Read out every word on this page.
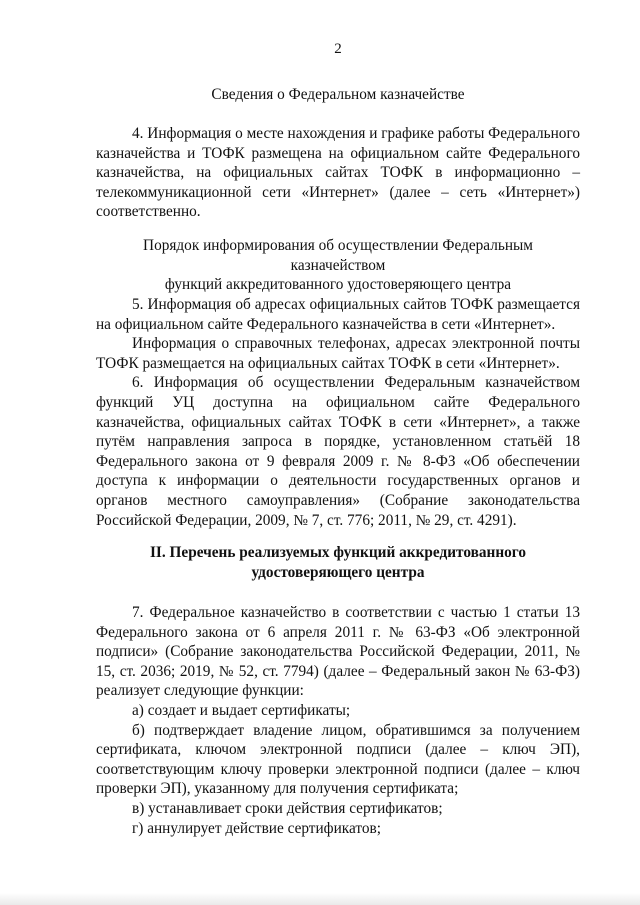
2
Сведения о Федеральном казначействе

4. Информация о месте нахождения и графике работы Федерального казначейства и ТОФК размещена на официальном сайте Федерального казначейства, на официальных сайтах ТОФК в информационно – телекоммуникационной сети «Интернет» (далее – сеть «Интернет») соответственно.

Порядок информирования об осуществлении Федеральным казначейством
функций аккредитованного удостоверяющего центра

5. Информация об адресах официальных сайтов ТОФК размещается на официальном сайте Федерального казначейства в сети «Интернет».

Информация о справочных телефонах, адресах электронной почты ТОФК размещается на официальных сайтах ТОФК в сети «Интернет».

6. Информация об осуществлении Федеральным казначейством функций УЦ доступна на официальном сайте Федерального казначейства, официальных сайтах ТОФК в сети «Интернет», а также путём направления запроса в порядке, установленном статьёй 18 Федерального закона от 9 февраля 2009 г. № 8-ФЗ «Об обеспечении доступа к информации о деятельности государственных органов и органов местного самоуправления» (Собрание законодательства Российской Федерации, 2009, № 7, ст. 776; 2011, № 29, ст. 4291).

II. Перечень реализуемых функций аккредитованного
удостоверяющего центра

7. Федеральное казначейство в соответствии с частью 1 статьи 13 Федерального закона от 6 апреля 2011 г. № 63-ФЗ «Об электронной подписи» (Собрание законодательства Российской Федерации, 2011, № 15, ст. 2036; 2019, № 52, ст. 7794) (далее – Федеральный закон № 63-ФЗ) реализует следующие функции:

а) создает и выдает сертификаты;

б) подтверждает владение лицом, обратившимся за получением сертификата, ключом электронной подписи (далее – ключ ЭП), соответствующим ключу проверки электронной подписи (далее – ключ проверки ЭП), указанному для получения сертификата;

в) устанавливает сроки действия сертификатов;

г) аннулирует действие сертификатов;
